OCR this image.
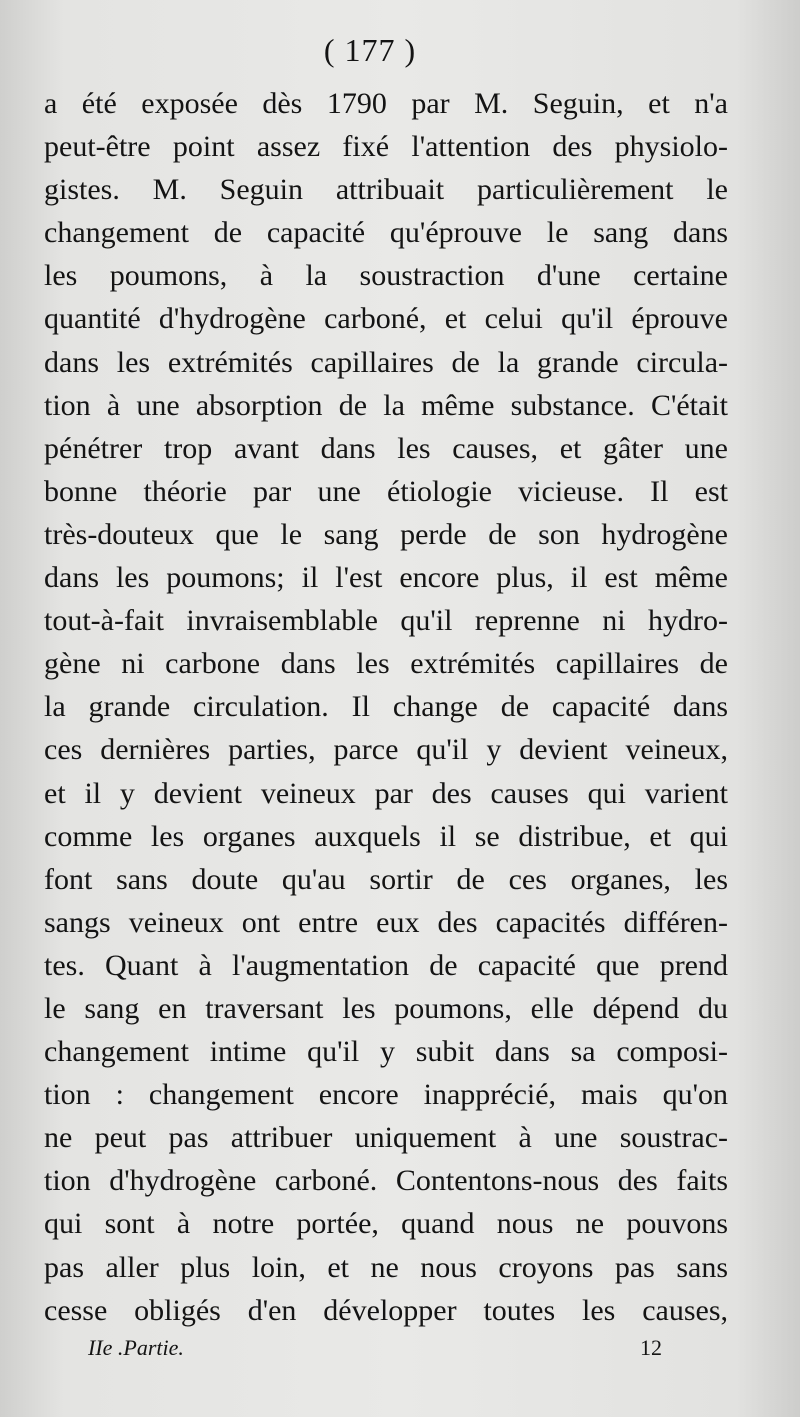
( 177 )
a été exposée dès 1790 par M. Seguin, et n'a
peut-être point assez fixé l'attention des physiolo-
gistes. M. Seguin attribuait particulièrement le
changement de capacité qu'éprouve le sang dans
les poumons, à la soustraction d'une certaine
quantité d'hydrogène carboné, et celui qu'il éprouve
dans les extrémités capillaires de la grande circula-
tion à une absorption de la même substance. C'était
pénétrer trop avant dans les causes, et gâter une
bonne théorie par une étiologie vicieuse. Il est
très-douteux que le sang perde de son hydrogène
dans les poumons; il l'est encore plus, il est même
tout-à-fait invraisemblable qu'il reprenne ni hydro-
gène ni carbone dans les extrémités capillaires de
la grande circulation. Il change de capacité dans
ces dernières parties, parce qu'il y devient veineux,
et il y devient veineux par des causes qui varient
comme les organes auxquels il se distribue, et qui
font sans doute qu'au sortir de ces organes, les
sangs veineux ont entre eux des capacités différen-
tes. Quant à l'augmentation de capacité que prend
le sang en traversant les poumons, elle dépend du
changement intime qu'il y subit dans sa composi-
tion : changement encore inapprécié, mais qu'on
ne peut pas attribuer uniquement à une soustrac-
tion d'hydrogène carboné. Contentons-nous des faits
qui sont à notre portée, quand nous ne pouvons
pas aller plus loin, et ne nous croyons pas sans
cesse obligés d'en développer toutes les causes,
IIe .Partie.	12
